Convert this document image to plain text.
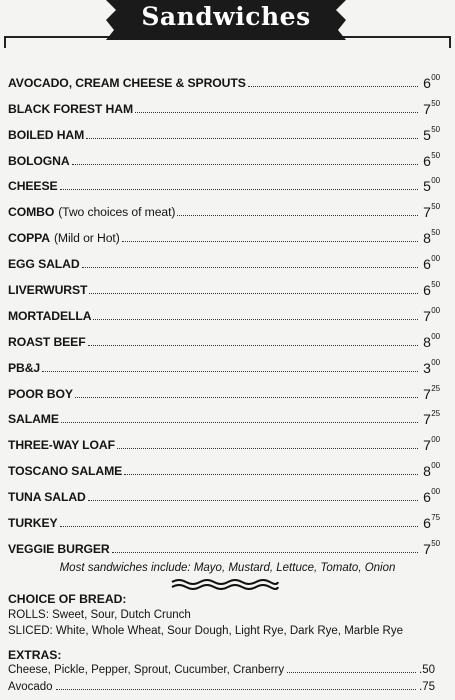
Sandwiches
AVOCADO, CREAM CHEESE & SPROUTS	6 00
BLACK FOREST HAM	7 50
BOILED HAM	5 50
BOLOGNA	6 50
CHEESE	5 00
COMBO (Two choices of meat)	7 50
COPPA (Mild or Hot)	8 50
EGG SALAD	6 00
LIVERWURST	6 50
MORTADELLA	7 00
ROAST BEEF	8 00
PB&J	3 00
POOR BOY	7 25
SALAME	7 25
THREE-WAY LOAF	7 00
TOSCANO SALAME	8 00
TUNA SALAD	6 00
TURKEY	6 75
VEGGIE BURGER	7 50
Most sandwiches include: Mayo, Mustard, Lettuce, Tomato, Onion
CHOICE OF BREAD:
ROLLS: Sweet, Sour, Dutch Crunch
SLICED: White, Whole Wheat, Sour Dough, Light Rye, Dark Rye, Marble Rye
EXTRAS:
Cheese, Pickle, Pepper, Sprout, Cucumber, Cranberry	.50
Avocado	.75
